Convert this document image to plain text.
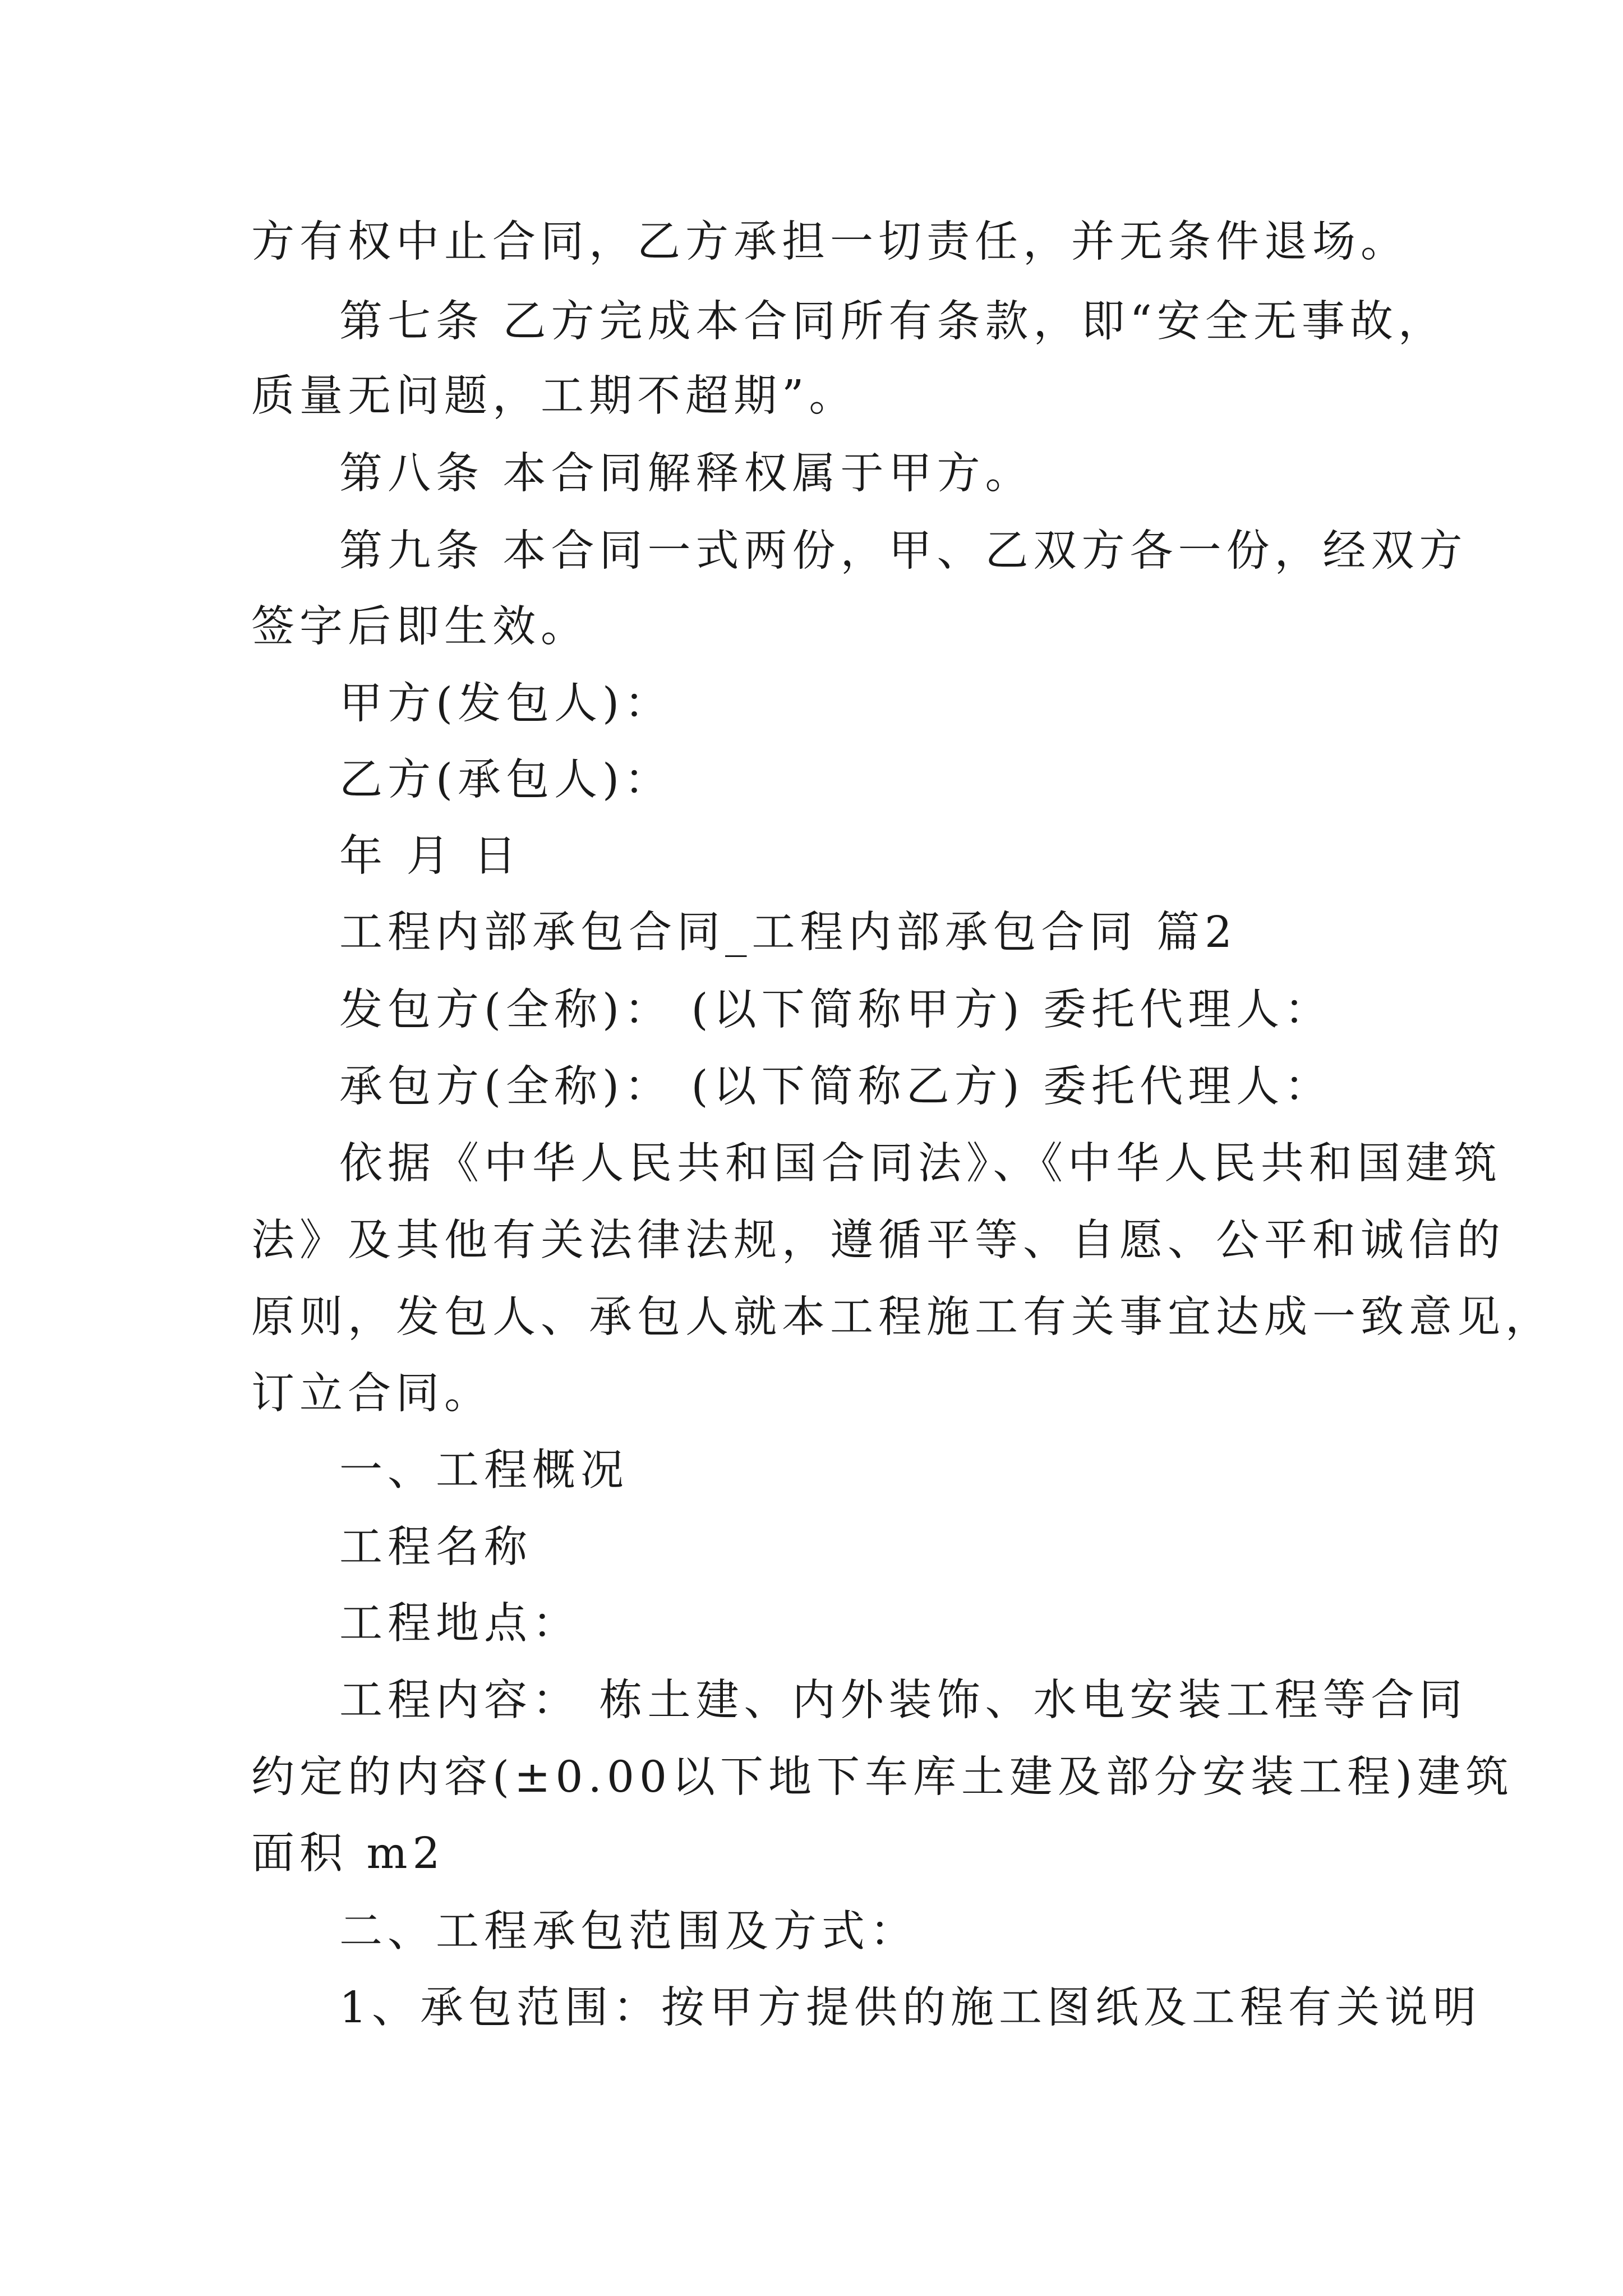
方有权中止合同，乙方承担一切责任，并无条件退场。
第七条 乙方完成本合同所有条款，即“安全无事故，
质量无问题，工期不超期”。
第八条 本合同解释权属于甲方。
第九条 本合同一式两份，甲、乙双方各一份，经双方
签字后即生效。
甲方(发包人)：
乙方(承包人)：
年 月 日
工程内部承包合同_工程内部承包合同 篇2
发包方(全称)： (以下简称甲方) 委托代理人：
承包方(全称)： (以下简称乙方) 委托代理人：
依据《中华人民共和国合同法》、《中华人民共和国建筑
法》及其他有关法律法规，遵循平等、自愿、公平和诚信的
原则，发包人、承包人就本工程施工有关事宜达成一致意见，
订立合同。
一、工程概况
工程名称
工程地点：
工程内容： 栋土建、内外装饰、水电安装工程等合同
约定的内容(±0.00以下地下车库土建及部分安装工程)建筑
面积 m2
二、工程承包范围及方式：
1、承包范围：按甲方提供的施工图纸及工程有关说明
